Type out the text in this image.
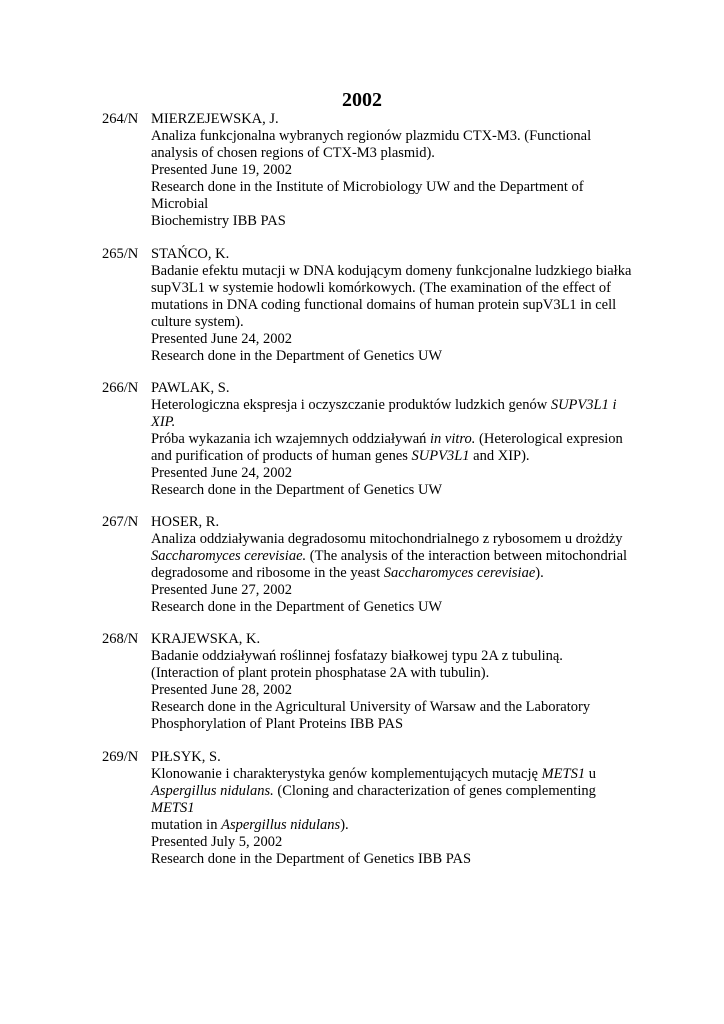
2002
264/N MIERZEJEWSKA, J.
Analiza funkcjonalna wybranych regionów plazmidu CTX-M3. (Functional
analysis of chosen regions of CTX-M3 plasmid).
Presented June 19, 2002
Research done in the Institute of Microbiology UW and the Department of
Microbial
Biochemistry IBB PAS
265/N STAŃCO, K.
Badanie efektu mutacji w DNA kodującym domeny funkcjonalne ludzkiego białka
supV3L1 w systemie hodowli komórkowych. (The examination of the effect of
mutations in DNA coding functional domains of human protein supV3L1 in cell
culture system).
Presented June 24, 2002
Research done in the Department of Genetics UW
266/N PAWLAK, S.
Heterologiczna ekspresja i oczyszczanie produktów ludzkich genów SUPV3L1 i
XIP.
Próba wykazania ich wzajemnych oddziaływań in vitro. (Heterological expresion
and purification of products of human genes SUPV3L1 and XIP).
Presented June 24, 2002
Research done in the Department of Genetics UW
267/N HOSER, R.
Analiza oddziaływania degradosomu mitochondrialnego z rybosomem u drożdży
Saccharomyces cerevisiae. (The analysis of the interaction between mitochondrial
degradosome and ribosome in the yeast Saccharomyces cerevisiae).
Presented June 27, 2002
Research done in the Department of Genetics UW
268/N KRAJEWSKA, K.
Badanie oddziaływań roślinnej fosfatazy białkowej typu 2A z tubuliną.
(Interaction of plant protein phosphatase 2A with tubulin).
Presented June 28, 2002
Research done in the Agricultural University of Warsaw and the Laboratory
Phosphorylation of Plant Proteins IBB PAS
269/N PIŁSYK, S.
Klonowanie i charakterystyka genów komplementujących mutację METS1 u
Aspergillus nidulans. (Cloning and characterization of genes complementing
METS1
mutation in Aspergillus nidulans).
Presented July 5, 2002
Research done in the Department of Genetics IBB PAS
